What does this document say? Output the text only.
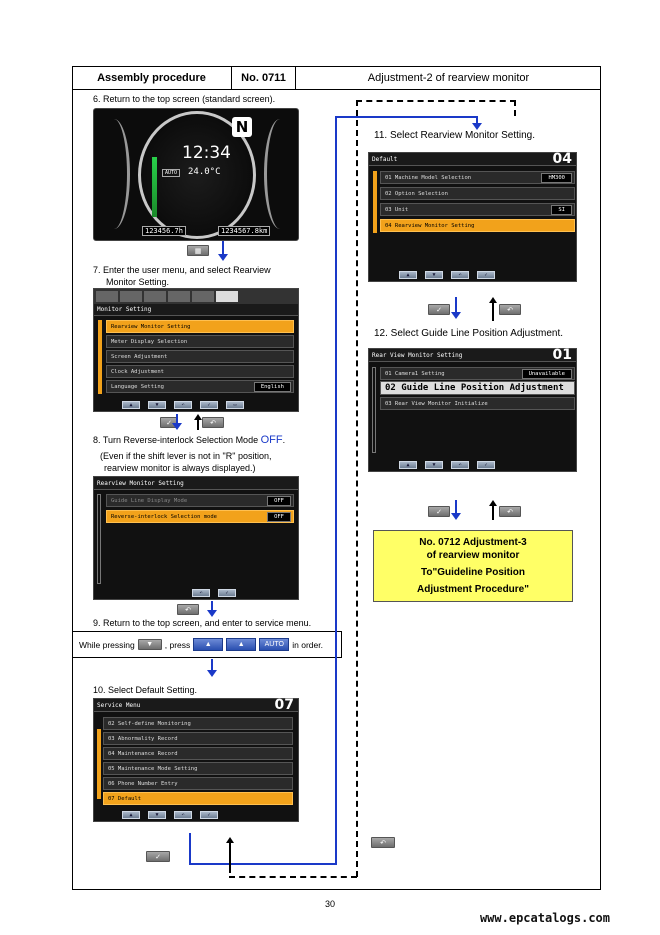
Assembly procedure	No. 0711	Adjustment-2 of rearview monitor
6. Return to the top screen (standard screen).
N
12:34
AUTO	24.0°C
123456.7h	1234567.8km
▦
7. Enter the user menu, and select Rearview
Monitor Setting.
Monitor Setting
Rearview Monitor Setting
Meter Display Selection
Screen Adjustment
Clock Adjustment
Language Setting	English
▲	▼	↶	✓	▭
✓	↶
8. Turn Reverse-interlock Selection Mode OFF.
(Even if the shift lever is not in "R" position,
rearview monitor is always displayed.)
Rearview Monitor Setting
Guide Line Display Mode	OFF
Reverse-interlock Selection mode	OFF
↶	✓
↶
9. Return to the top screen, and enter to service menu.
While pressing	▼	, press	▲	▲	AUTO in order.
10. Select Default Setting.
Service Menu	07
02 Self-define Monitoring
03 Abnormality Record
04 Maintenance Record
05 Maintenance Mode Setting
06 Phone Number Entry
07 Default
▲	▼	↶	✓
✓
↶
11. Select Rearview Monitor Setting.
Default	04
01 Machine Model Selection	HM300
02 Option Selection
03 Unit	SI
04 Rearview Monitor Setting
▲	▼	↶	✓
✓	↶
12. Select Guide Line Position Adjustment.
Rear View Monitor Setting	01
01 Camera1 Setting	Unavailable
02 Guide Line Position Adjustment
03 Rear View Monitor Initialize
▲	▼	↶	✓
✓	↶
No. 0712 Adjustment-3
of rearview monitor
To"Guideline Position
Adjustment Procedure"
30
www.epcatalogs.com
